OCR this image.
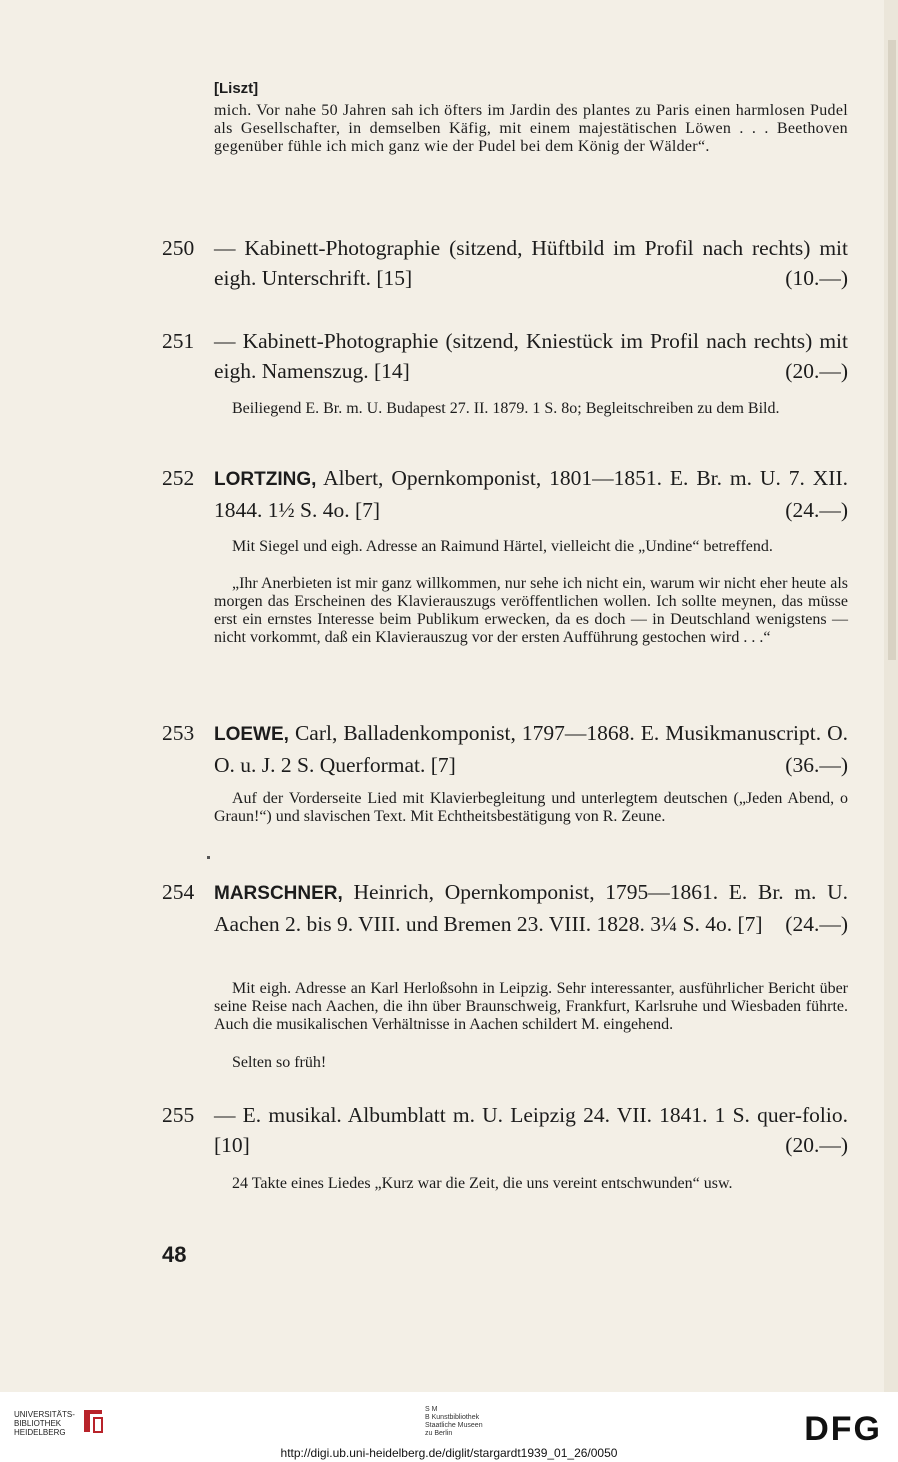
[Liszt]
mich. Vor nahe 50 Jahren sah ich öfters im Jardin des plantes zu Paris einen harmlosen Pudel als Gesellschafter, in demselben Käfig, mit einem majestätischen Löwen . . . Beethoven gegenüber fühle ich mich ganz wie der Pudel bei dem König der Wälder“.
250 — Kabinett-Photographie (sitzend, Hüftbild im Profil nach rechts) mit eigh. Unterschrift. [15]	(10.—)
251 — Kabinett-Photographie (sitzend, Kniestück im Profil nach rechts) mit eigh. Namenszug. [14]	(20.—)
Beiliegend E. Br. m. U. Budapest 27. II. 1879. 1 S. 8o; Begleitschreiben zu dem Bild.
252 LORTZING, Albert, Opernkomponist, 1801—1851. E. Br. m. U. 7. XII. 1844. 1½ S. 4o. [7]	(24.—)
Mit Siegel und eigh. Adresse an Raimund Härtel, vielleicht die „Undine“ betreffend.
„Ihr Anerbieten ist mir ganz willkommen, nur sehe ich nicht ein, warum wir nicht eher heute als morgen das Erscheinen des Klavierauszugs veröffentlichen wollen. Ich sollte meynen, das müsse erst ein ernstes Interesse beim Publikum erwecken, da es doch — in Deutschland wenigstens — nicht vorkommt, daß ein Klavierauszug vor der ersten Aufführung gestochen wird . . .“
253 LOEWE, Carl, Balladenkomponist, 1797—1868. E. Musikmanuscript. O. O. u. J. 2 S. Querformat. [7]	(36.—)
Auf der Vorderseite Lied mit Klavierbegleitung und unterlegtem deutschen („Jeden Abend, o Graun!“) und slavischen Text. Mit Echtheitsbestätigung von R. Zeune.
254 MARSCHNER, Heinrich, Opernkomponist, 1795—1861. E. Br. m. U. Aachen 2. bis 9. VIII. und Bremen 23. VIII. 1828. 3¼ S. 4o. [7] (24.—)
Mit eigh. Adresse an Karl Herloßsohn in Leipzig. Sehr interessanter, ausführlicher Bericht über seine Reise nach Aachen, die ihn über Braunschweig, Frankfurt, Karlsruhe und Wiesbaden führte. Auch die musikalischen Verhältnisse in Aachen schildert M. eingehend.
Selten so früh!
255 — E. musikal. Albumblatt m. U. Leipzig 24. VII. 1841. 1 S. quer-folio. [10]	(20.—)
24 Takte eines Liedes „Kurz war die Zeit, die uns vereint entschwunden“ usw.
48
UNIVERSITÄTS-
BIBLIOTHEK
HEIDELBERG
S M
B Kunstbibliothek
Staatliche Museen
zu Berlin	DFG
http://digi.ub.uni-heidelberg.de/diglit/stargardt1939_01_26/0050
